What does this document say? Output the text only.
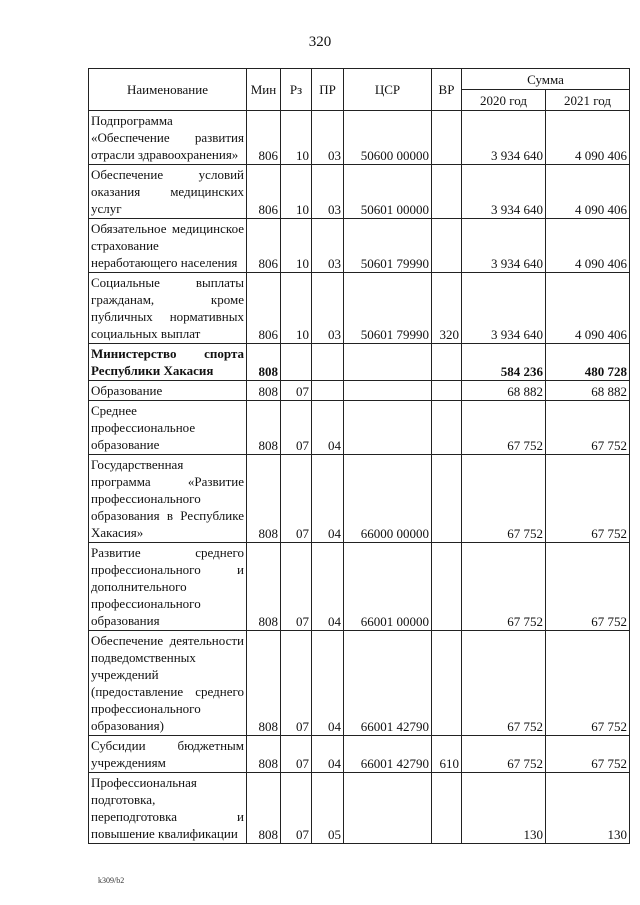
320
Наименование	Мин	Рз	ПР	ЦСР	ВР	Сумма	
						2020 год	2021 год
Подпрограмма «Обеспечение развития отрасли здравоохранения»	806	10	03	50600 00000		3 934 640	4 090 406
Обеспечение условий оказания медицинских услуг	806	10	03	50601 00000		3 934 640	4 090 406
Обязательное медицинское страхование неработающего населения	806	10	03	50601 79990		3 934 640	4 090 406
Социальные выплаты гражданам, кроме публичных нормативных социальных выплат	806	10	03	50601 79990	320	3 934 640	4 090 406
Министерство спорта Республики Хакасия	808					584 236	480 728
Образование	808	07				68 882	68 882
Среднее профессиональное образование	808	07	04			67 752	67 752
Государственная программа «Развитие профессионального образования в Республике Хакасия»	808	07	04	66000 00000		67 752	67 752
Развитие среднего профессионального и дополнительного профессионального образования	808	07	04	66001 00000		67 752	67 752
Обеспечение деятельности подведомственных учреждений (предоставление среднего профессионального образования)	808	07	04	66001 42790		67 752	67 752
Субсидии бюджетным учреждениям	808	07	04	66001 42790	610	67 752	67 752
Профессиональная подготовка, переподготовка и повышение квалификации	808	07	05			130	130
k309/b2
